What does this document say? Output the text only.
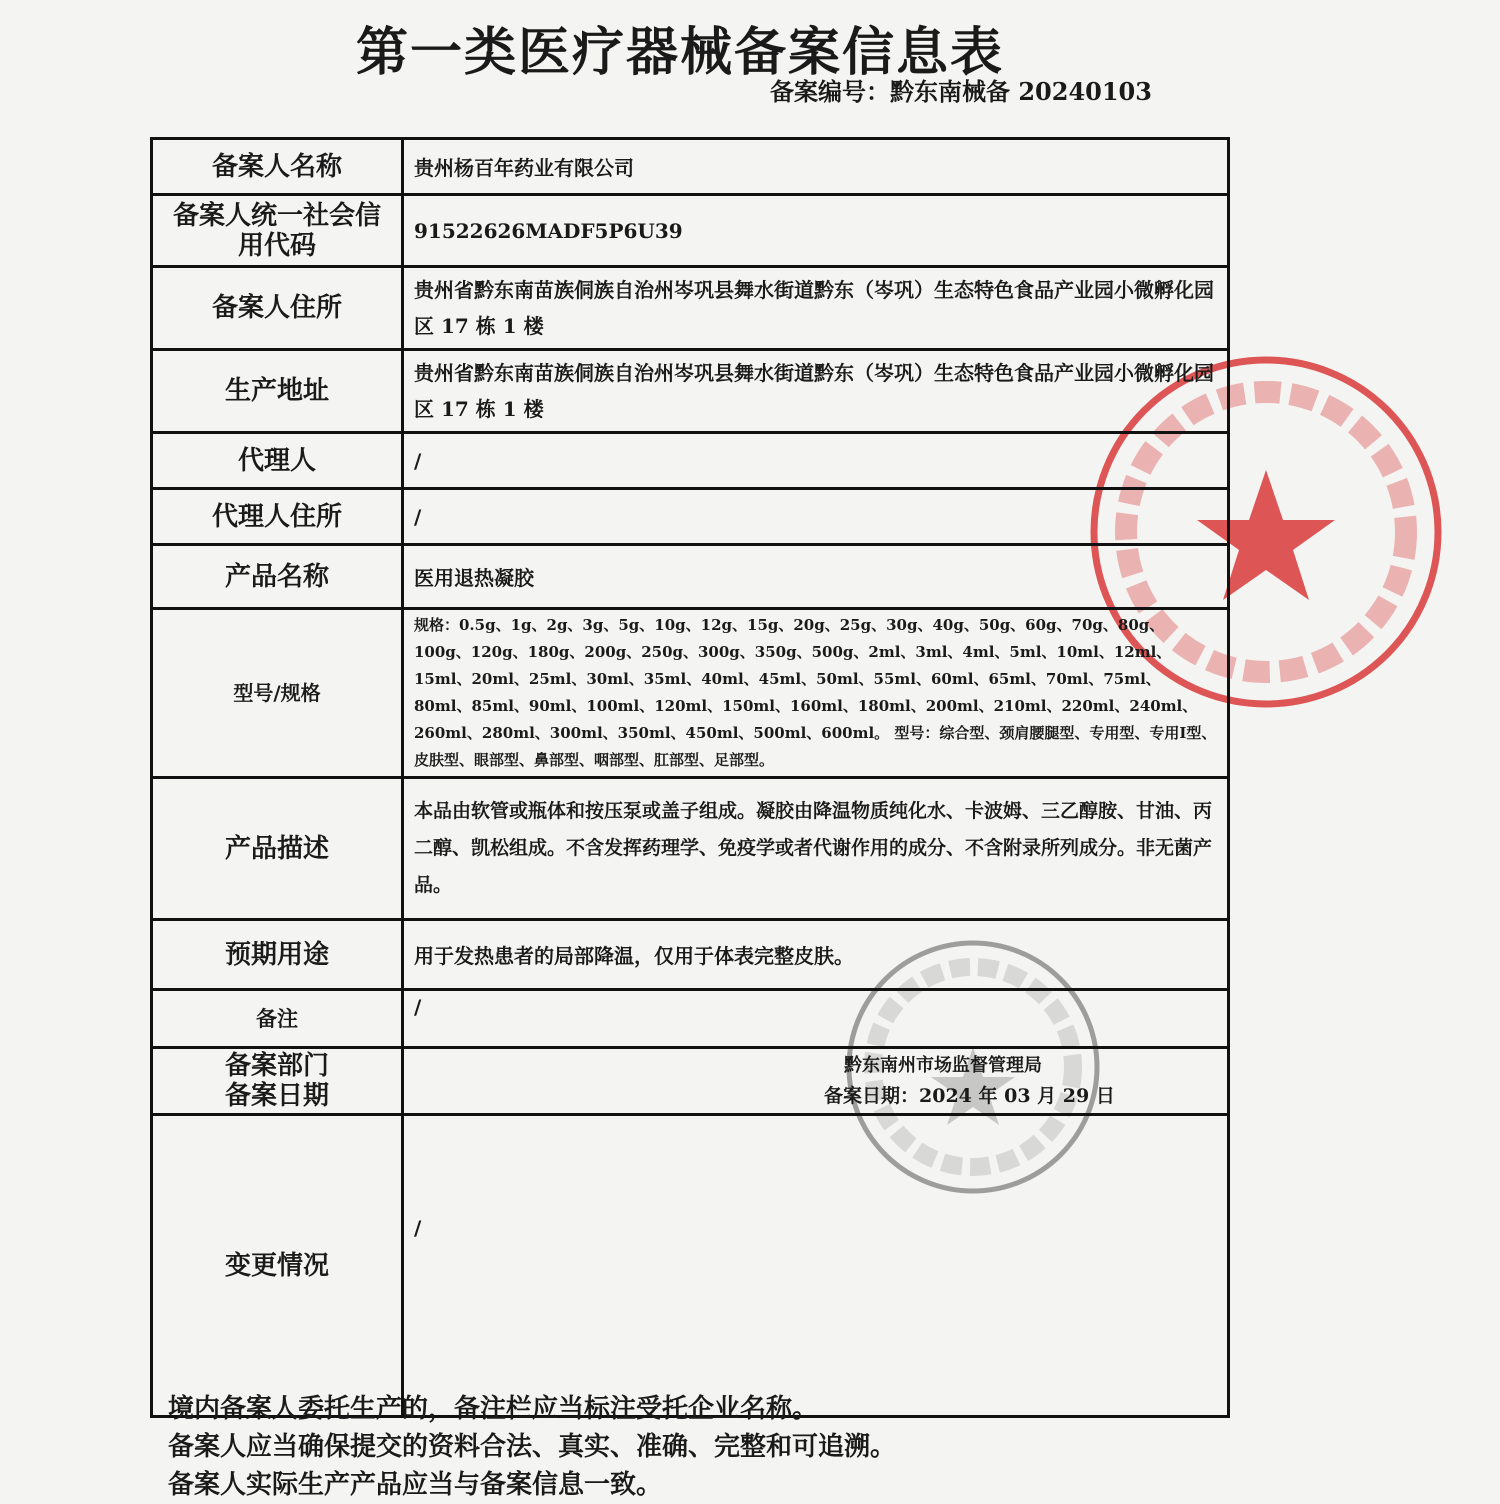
第一类医疗器械备案信息表
备案编号：黔东南械备 20240103
备案人名称	贵州杨百年药业有限公司
备案人统一社会信用代码	91522626MADF5P6U39
备案人住所	贵州省黔东南苗族侗族自治州岑巩县舞水街道黔东（岑巩）生态特色食品产业园小微孵化园区 17 栋 1 楼
生产地址	贵州省黔东南苗族侗族自治州岑巩县舞水街道黔东（岑巩）生态特色食品产业园小微孵化园区 17 栋 1 楼
代理人	/
代理人住所	/
产品名称	医用退热凝胶
型号/规格	规格：0.5g、1g、2g、3g、5g、10g、12g、15g、20g、25g、30g、40g、50g、60g、70g、80g、100g、120g、180g、200g、250g、300g、350g、500g、2ml、3ml、4ml、5ml、10ml、12ml、15ml、20ml、25ml、30ml、35ml、40ml、45ml、50ml、55ml、60ml、65ml、70ml、75ml、80ml、85ml、90ml、100ml、120ml、150ml、160ml、180ml、200ml、210ml、220ml、240ml、260ml、280ml、300ml、350ml、450ml、500ml、600ml。 型号：综合型、颈肩腰腿型、专用型、专用Ⅰ型、皮肤型、眼部型、鼻部型、咽部型、肛部型、足部型。
产品描述	本品由软管或瓶体和按压泵或盖子组成。凝胶由降温物质纯化水、卡波姆、三乙醇胺、甘油、丙二醇、凯松组成。不含发挥药理学、免疫学或者代谢作用的成分、不含附录所列成分。非无菌产品。
预期用途	用于发热患者的局部降温，仅用于体表完整皮肤。
备注	/
备案部门 备案日期	黔东南州市场监督管理局
备案日期：2024 年 03 月 29 日

变更情况	/
境内备案人委托生产的，备注栏应当标注受托企业名称。
备案人应当确保提交的资料合法、真实、准确、完整和可追溯。
备案人实际生产产品应当与备案信息一致。
